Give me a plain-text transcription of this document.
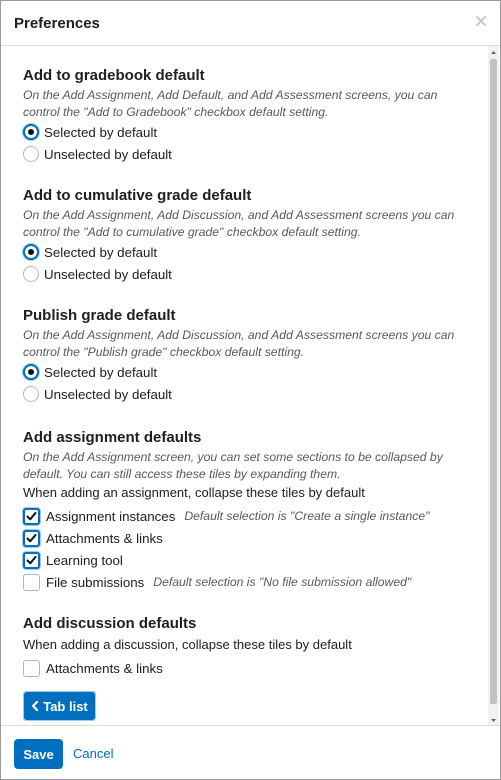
Preferences
Add to gradebook default
On the Add Assignment, Add Default, and Add Assessment screens, you can control the "Add to Gradebook" checkbox default setting.
Selected by default
Unselected by default
Add to cumulative grade default
On the Add Assignment, Add Discussion, and Add Assessment screens you can control the "Add to cumulative grade" checkbox default setting.
Selected by default
Unselected by default
Publish grade default
On the Add Assignment, Add Discussion, and Add Assessment screens you can control the "Publish grade" checkbox default setting.
Selected by default
Unselected by default
Add assignment defaults
On the Add Assignment screen, you can set some sections to be collapsed by default. You can still access these tiles by expanding them.
When adding an assignment, collapse these tiles by default
Assignment instances Default selection is "Create a single instance"
Attachments & links
Learning tool
File submissions Default selection is "No file submission allowed"
Add discussion defaults
When adding a discussion, collapse these tiles by default
Attachments & links
Tab list
Save	Cancel
